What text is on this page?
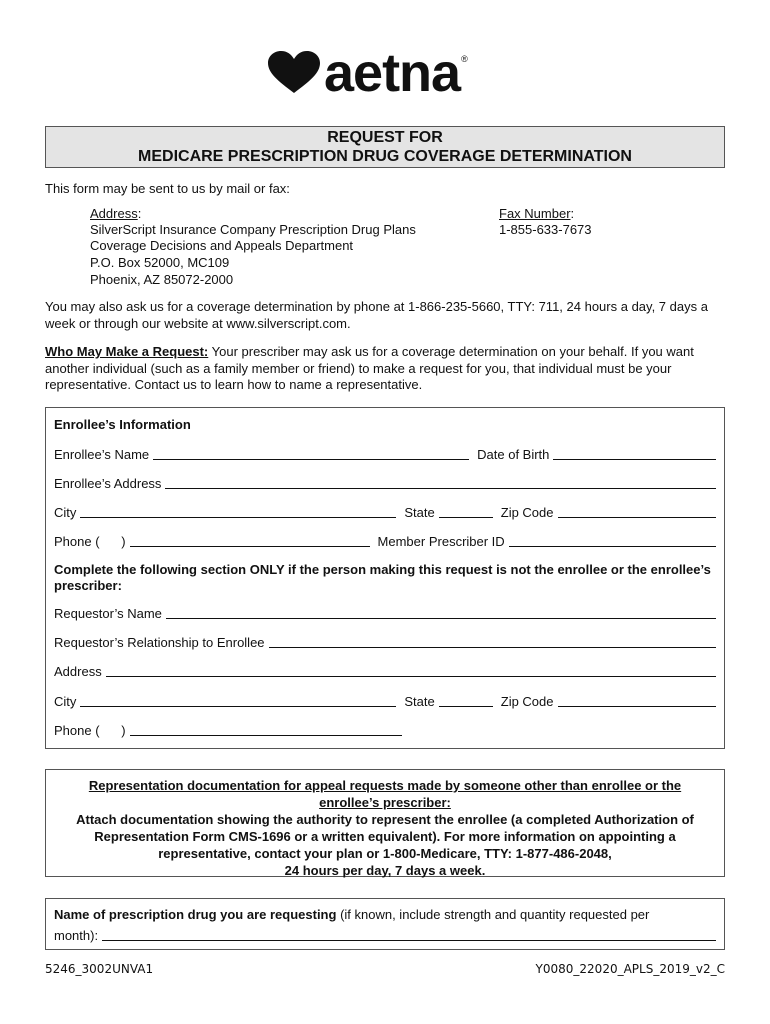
aetna ®
REQUEST FOR
MEDICARE PRESCRIPTION DRUG COVERAGE DETERMINATION
This form may be sent to us by mail or fax:
Address:
SilverScript Insurance Company Prescription Drug Plans
Coverage Decisions and Appeals Department
P.O. Box 52000, MC109
Phoenix, AZ 85072-2000
Fax Number:
1-855-633-7673
You may also ask us for a coverage determination by phone at 1-866-235-5660, TTY: 711, 24 hours a day, 7 days a week or through our website at www.silverscript.com.
Who May Make a Request: Your prescriber may ask us for a coverage determination on your behalf. If you want another individual (such as a family member or friend) to make a request for you, that individual must be your representative. Contact us to learn how to name a representative.
Enrollee’s Information
Enrollee’s Name	Date of Birth
Enrollee’s Address
City	State	Zip Code
Phone (      )	Member Prescriber ID
Complete the following section ONLY if the person making this request is not the enrollee or the enrollee’s prescriber:
Requestor’s Name
Requestor’s Relationship to Enrollee
Address
City	State	Zip Code
Phone (      )
Representation documentation for appeal requests made by someone other than enrollee or the enrollee’s prescriber:
Attach documentation showing the authority to represent the enrollee (a completed Authorization of Representation Form CMS-1696 or a written equivalent). For more information on appointing a representative, contact your plan or 1-800-Medicare, TTY: 1-877-486-2048,
24 hours per day, 7 days a week.
Name of prescription drug you are requesting (if known, include strength and quantity requested per
month):
5246_3002UNVA1	Y0080_22020_APLS_2019_v2_C
